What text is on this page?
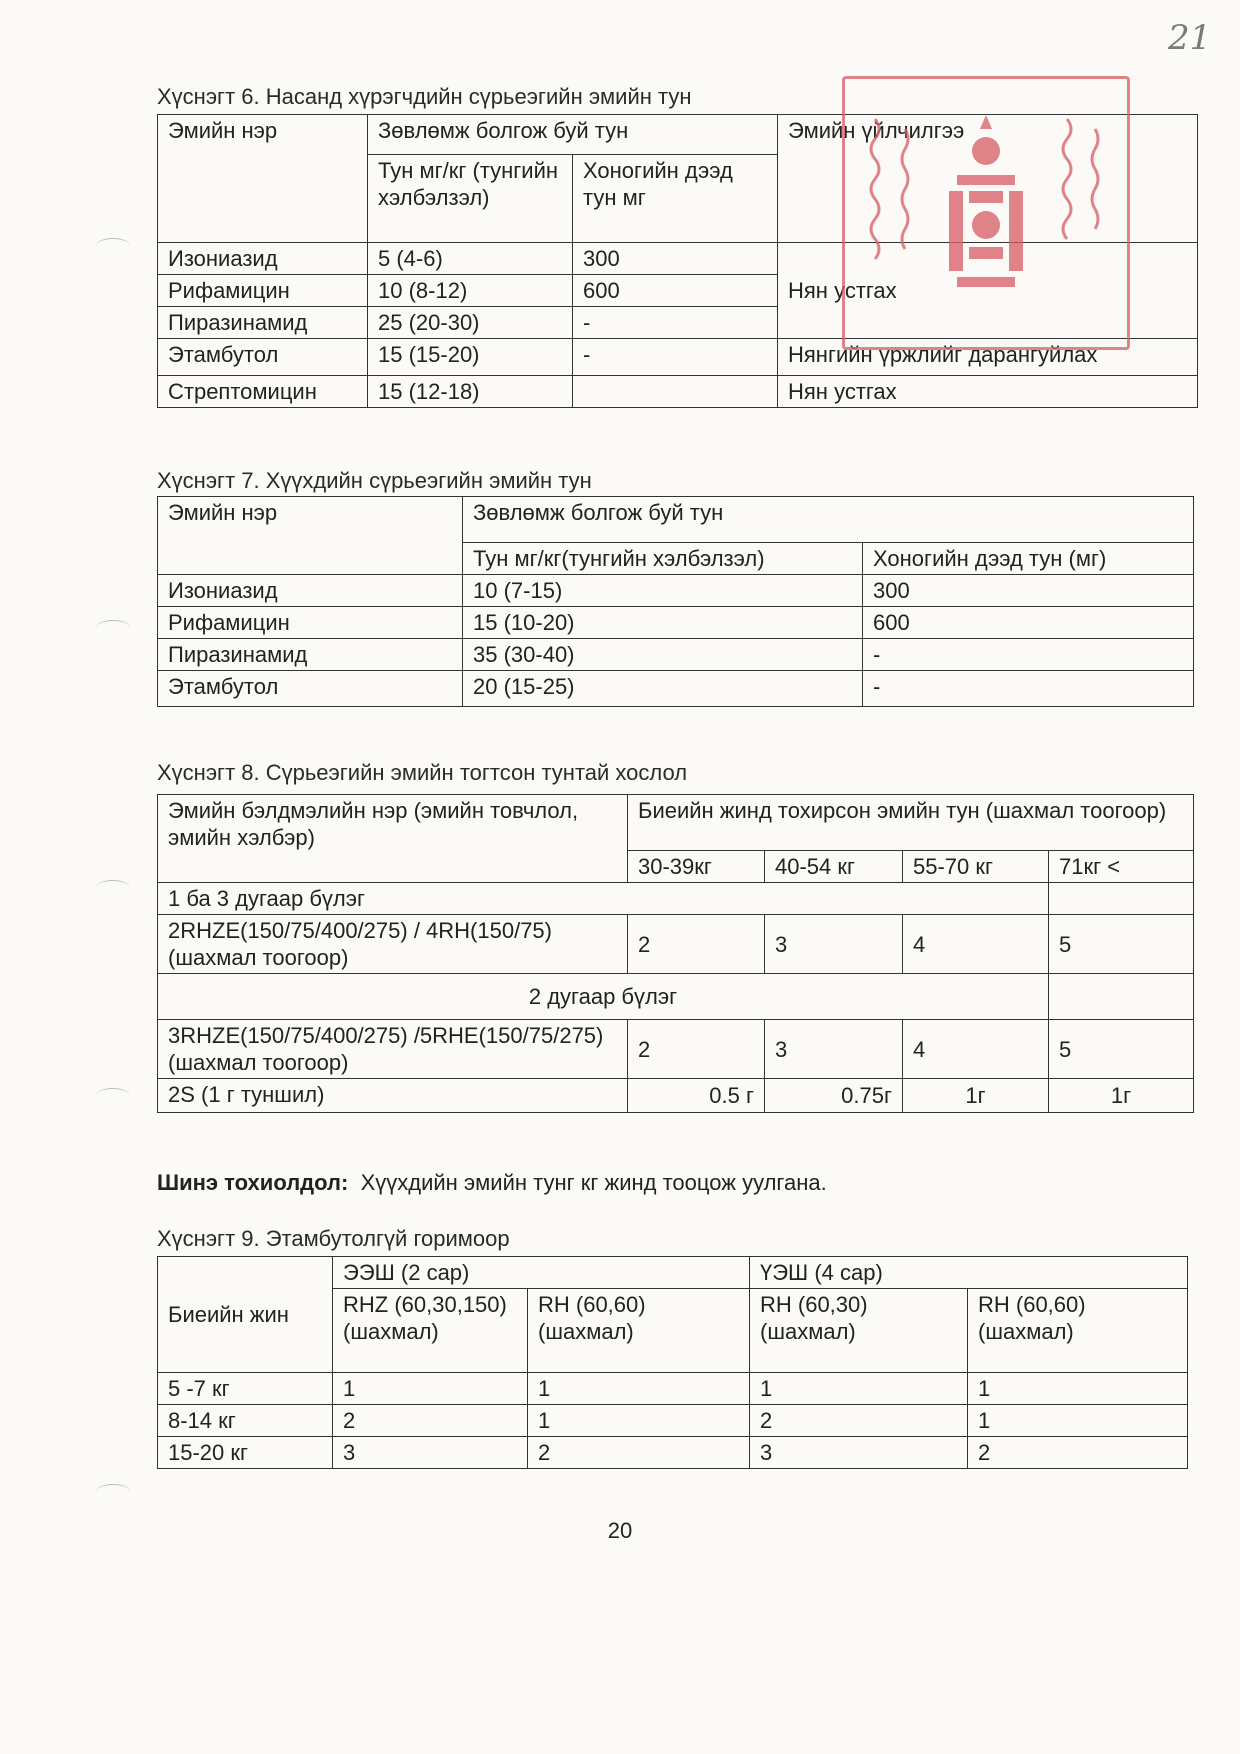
21

Хүснэгт 6. Насанд хүрэгчдийн сүрьеэгийн эмийн тун

Эмийн нэр	Зөвлөмж болгож буй тун		Эмийн үйлчилгээ
	Тун мг/кг (тунгийн хэлбэлзэл)	Хоногийн дээд тун мг	
Изониазид	5 (4-6)	300	Нян устгах
Рифамицин	10 (8-12)	600	
Пиразинамид	25 (20-30)	-	
Этамбутол	15 (15-20)	-	Нянгийн үржлийг дарангуйлах
Стрептомицин	15 (12-18)		Нян устгах

Хүснэгт 7. Хүүхдийн сүрьеэгийн эмийн тун

Эмийн нэр	Зөвлөмж болгож буй тун	
	Тун мг/кг(тунгийн хэлбэлзэл)	Хоногийн дээд тун (мг)
Изониазид	10 (7-15)	300
Рифамицин	15 (10-20)	600
Пиразинамид	35 (30-40)	-
Этамбутол	20 (15-25)	-

Хүснэгт 8. Сүрьеэгийн эмийн тогтсон тунтай хослол

Эмийн бэлдмэлийн нэр (эмийн товчлол, эмийн хэлбэр)	Биеийн жинд тохирсон эмийн тун (шахмал тоогоор)			
	30-39кг	40-54 кг	55-70 кг	71кг <
1 ба 3 дугаар бүлэг				
2RHZE(150/75/400/275) / 4RH(150/75) (шахмал тоогоор)	2	3	4	5
2 дугаар бүлэг				
3RHZE(150/75/400/275) /5RHE(150/75/275) (шахмал тоогоор)	2	3	4	5
2S (1 г туншил)	0.5 г	0.75г	1г	1г

Шинэ тохиолдол: Хүүхдийн эмийн тунг кг жинд тооцож уулгана.

Хүснэгт 9. Этамбутолгүй горимоор

Биеийн жин	ЭЭШ (2 сар)		ҮЭШ (4 сар)	
	RHZ (60,30,150) (шахмал)	RH (60,60) (шахмал)	RH (60,30) (шахмал)	RH (60,60) (шахмал)
5 -7 кг	1	1	1	1
8-14 кг	2	1	2	1
15-20 кг	3	2	3	2

20
